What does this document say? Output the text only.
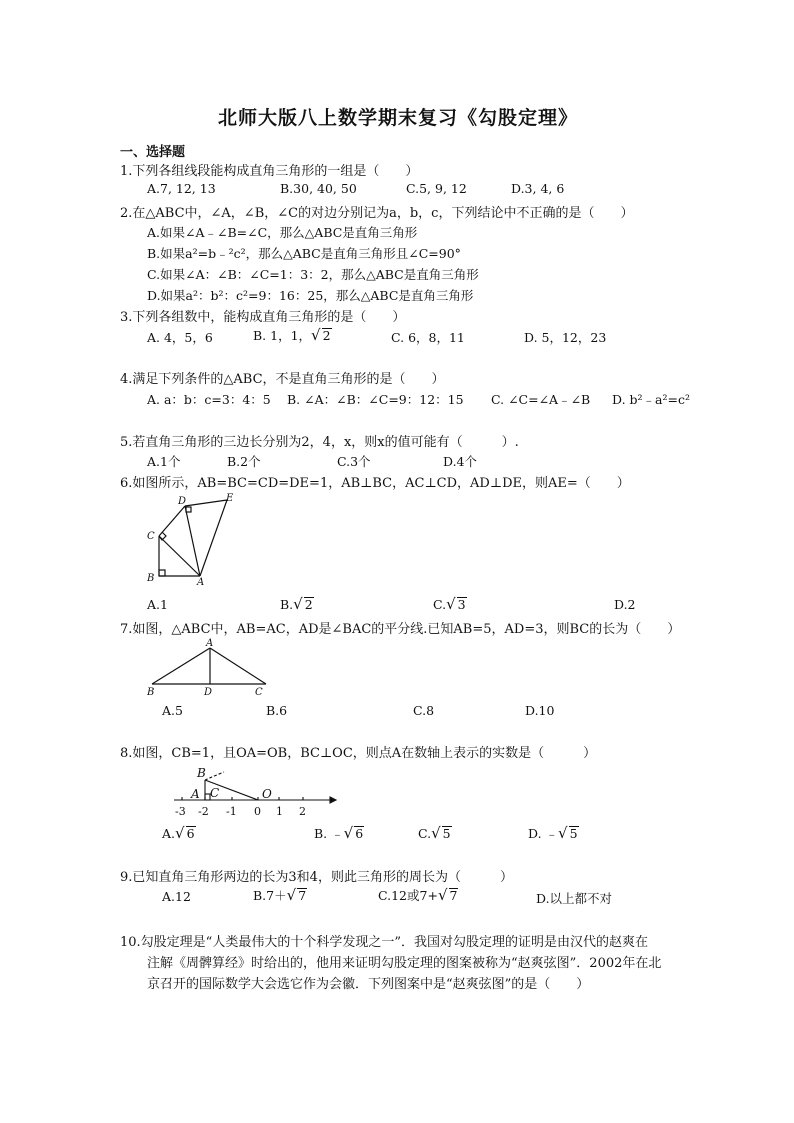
北师大版八上数学期末复习《勾股定理》
一、选择题
1.下列各组线段能构成直角三角形的一组是（　　）
A.7, 12, 13	B.30, 40, 50	C.5, 9, 12	D.3, 4, 6
2.在△ABC中，∠A，∠B，∠C的对边分别记为a，b，c，下列结论中不正确的是（　　）
A.如果∠A﹣∠B=∠C，那么△ABC是直角三角形
B.如果a²=b﹣²c²，那么△ABC是直角三角形且∠C=90°
C.如果∠A：∠B：∠C=1：3：2，那么△ABC是直角三角形
D.如果a²：b²：c²=9：16：25，那么△ABC是直角三角形
3.下列各组数中，能构成直角三角形的是（　　）
A. 4，5，6	B. 1，1，√ 2	C. 6，8，11	D. 5，12，23
4.满足下列条件的△ABC，不是直角三角形的是（　　）
A. a：b：c=3：4：5 B. ∠A：∠B：∠C=9：12：15 C. ∠C=∠A﹣∠B D. b²﹣a²=c²
5.若直角三角形的三边长分别为2，4，x，则x的值可能有（　　　）.
A.1个	B.2个	C.3个	D.4个
6.如图所示，AB=BC=CD=DE=1，AB⊥BC，AC⊥CD，AD⊥DE，则AE=（　　）
D	E
C
B	A
A.1	B.√ 2	C.√ 3	D.2
7.如图，△ABC中，AB=AC，AD是∠BAC的平分线.已知AB=5，AD=3，则BC的长为（　　）
A
B	D	C
A.5	B.6	C.8	D.10
8.如图，CB=1，且OA=OB，BC⊥OC，则点A在数轴上表示的实数是（　　　）
B
A C	O
-3 -2 -1 0 1 2
A.√ 6	B. ﹣√ 6	C.√ 5	D. ﹣√ 5
9.已知直角三角形两边的长为3和4，则此三角形的周长为（　　　）
A.12	B.7＋√ 7	C.12或7+√ 7	D.以上都不对
10.勾股定理是“人类最伟大的十个科学发现之一”．我国对勾股定理的证明是由汉代的赵爽在
注解《周髀算经》时给出的，他用来证明勾股定理的图案被称为“赵爽弦图”．2002年在北
京召开的国际数学大会选它作为会徽．下列图案中是“赵爽弦图”的是（　　）
